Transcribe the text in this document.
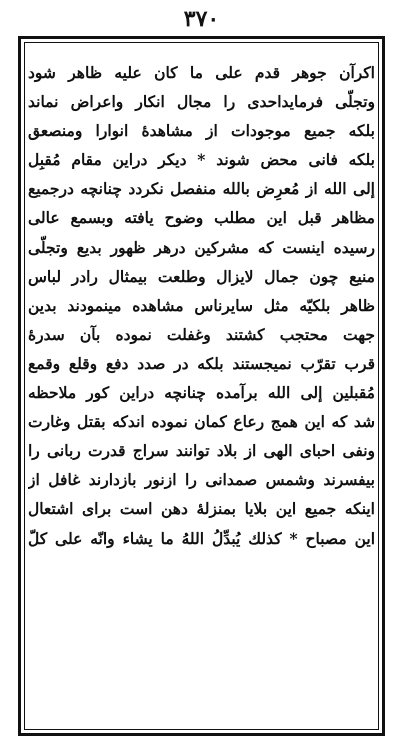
۳۷۰
اکرآن جوهر قدم علی ما کان علیه ظاهر شود
وتجلّی فرمایداحدی را مجال انکار واعراض نماند
بلکه جمیع موجودات از مشاهدهٔ انوارا ومنصعق
بلکه فانی محض شوند * دیکر دراین مقام مُقبِل
إلی الله از مُعرِض بالله منفصل نکردد چنانچه درجمیع
مظاهر قبل این مطلب وضوح یافته وبسمع عالی
رسیده اینست که مشرکین درهر ظهور بدیع وتجلّی
منیع چون جمال لایزال وطلعت بیمثال رادر لباس
ظاهر بلکیّه مثل سایرناس مشاهده مینمودند بدین
جهت محتجب کشتند وغفلت نموده بآن سدرهٔ
قرب تقرّب نمیجستند بلکه در صدد دفع وقلع وقمع
مُقبلین إلی الله برآمده چنانچه دراین کور ملاحظه
شد که این همج رعاع کمان نموده اندکه بقتل وغارت
ونفی احبای الهی از بلاد توانند سراج قدرت ربانی را
بیفسرند وشمس صمدانی را ازنور بازدارند غافل از
اینکه جمیع این بلایا بمنزلهٔ دهن است برای اشتعال
این مصباح * کذلك یُبدِّلُ اللهُ ما یشاء وانّه علی کلّ
